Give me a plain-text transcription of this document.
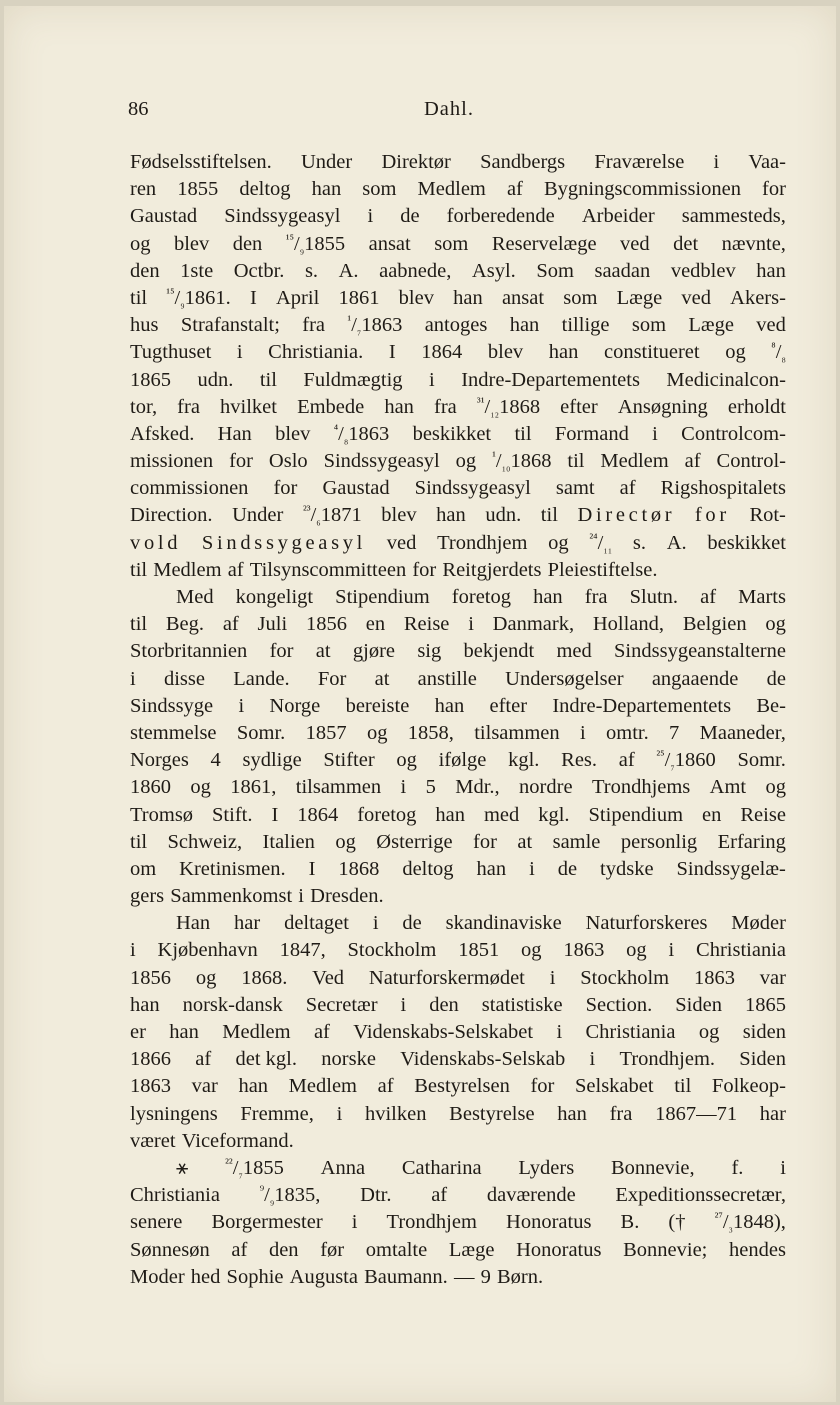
86	Dahl.
Fødselsstiftelsen. Under Direktør Sandbergs Fraværelse i Vaa-
ren 1855 deltog han som Medlem af Bygningscommissionen for
Gaustad Sindssygeasyl i de forberedende Arbeider sammesteds,
og blev den $^{^{15}}/_{_9}1855$ ansat som Reservelæge ved det nævnte,
den 1ste Octbr. s. A. aabnede, Asyl. Som saadan vedblev han
til $^{^{15}}/_{_9}1861$. I April 1861 blev han ansat som Læge ved Akers-
hus Strafanstalt; fra $^{^1}/_{_7}1863$ antoges han tillige som Læge ved
Tugthuset i Christiania. I 1864 blev han constitueret og $^{^8}/_{_8}$
1865 udn. til Fuldmægtig i Indre-Departementets Medicinalcon-
tor, fra hvilket Embede han fra $^{^{31}}/_{_{12}}1868$ efter Ansøgning erholdt
Afsked. Han blev $^{^4}/_{_8}1863$ beskikket til Formand i Controlcom-
missionen for Oslo Sindssygeasyl og $^{^1}/_{_{10}}1868$ til Medlem af Control-
commissionen for Gaustad Sindssygeasyl samt af Rigshospitalets
Direction. Under $^{^{23}}/_{_6}1871$ blev han udn. til Directør for Rot-
vold Sindssygeasyl ved Trondhjem og $^{^{24}}/_{_{11}}$ s. A. beskikket
til Medlem af Tilsynscommitteen for Reitgjerdets Pleiestiftelse.
Med kongeligt Stipendium foretog han fra Slutn. af Marts
til Beg. af Juli 1856 en Reise i Danmark, Holland, Belgien og
Storbritannien for at gjøre sig bekjendt med Sindssygeanstalterne
i disse Lande. For at anstille Undersøgelser angaaende de
Sindssyge i Norge bereiste han efter Indre-Departementets Be-
stemmelse Somr. 1857 og 1858, tilsammen i omtr. 7 Maaneder,
Norges 4 sydlige Stifter og ifølge kgl. Res. af $^{^{25}}/_{_7}1860$ Somr.
1860 og 1861, tilsammen i 5 Mdr., nordre Trondhjems Amt og
Tromsø Stift. I 1864 foretog han med kgl. Stipendium en Reise
til Schweiz, Italien og Østerrige for at samle personlig Erfaring
om Kretinismen. I 1868 deltog han i de tydske Sindssygelæ-
gers Sammenkomst i Dresden.
Han har deltaget i de skandinaviske Naturforskeres Møder
i Kjøbenhavn 1847, Stockholm 1851 og 1863 og i Christiania
1856 og 1868. Ved Naturforskermødet i Stockholm 1863 var
han norsk-dansk Secretær i den statistiske Section. Siden 1865
er han Medlem af Videnskabs-Selskabet i Christiania og siden
1866 af det kgl. norske Videnskabs-Selskab i Trondhjem. Siden
1863 var han Medlem af Bestyrelsen for Selskabet til Folkeop-
lysningens Fremme, i hvilken Bestyrelse han fra 1867—71 har
været Viceformand.
⚹	$^{^{22}}/_{_7}1855$ Anna Catharina Lyders Bonnevie, f. i
Christiania	$^{^9}/_{_9}1835$, Dtr. af daværende Expeditionssecretær,
senere Borgermester i Trondhjem Honoratus B. († $^{^{27}}/_{_3}1848$),
Sønnesøn af den før omtalte Læge Honoratus Bonnevie; hendes
Moder hed Sophie Augusta Baumann. — 9 Børn.
